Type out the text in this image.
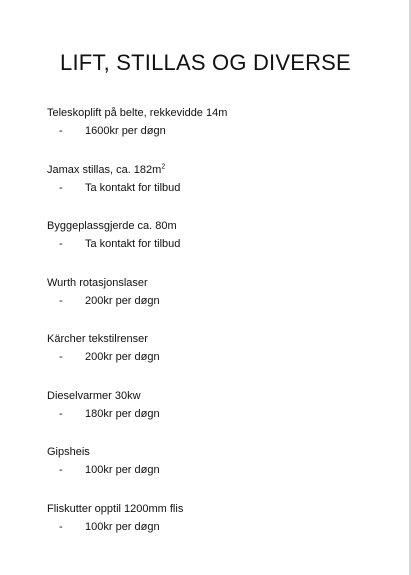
LIFT, STILLAS OG DIVERSE

Teleskoplift på belte, rekkevidde 14m

-	1600kr per døgn

Jamax stillas, ca. $182m^2$

-	Ta kontakt for tilbud

Byggeplassgjerde ca. 80m

-	Ta kontakt for tilbud

Wurth rotasjonslaser

-	200kr per døgn

Kärcher tekstilrenser

-	200kr per døgn

Dieselvarmer 30kw

-	180kr per døgn

Gipsheis

-	100kr per døgn

Fliskutter opptil 1200mm flis

-	100kr per døgn
